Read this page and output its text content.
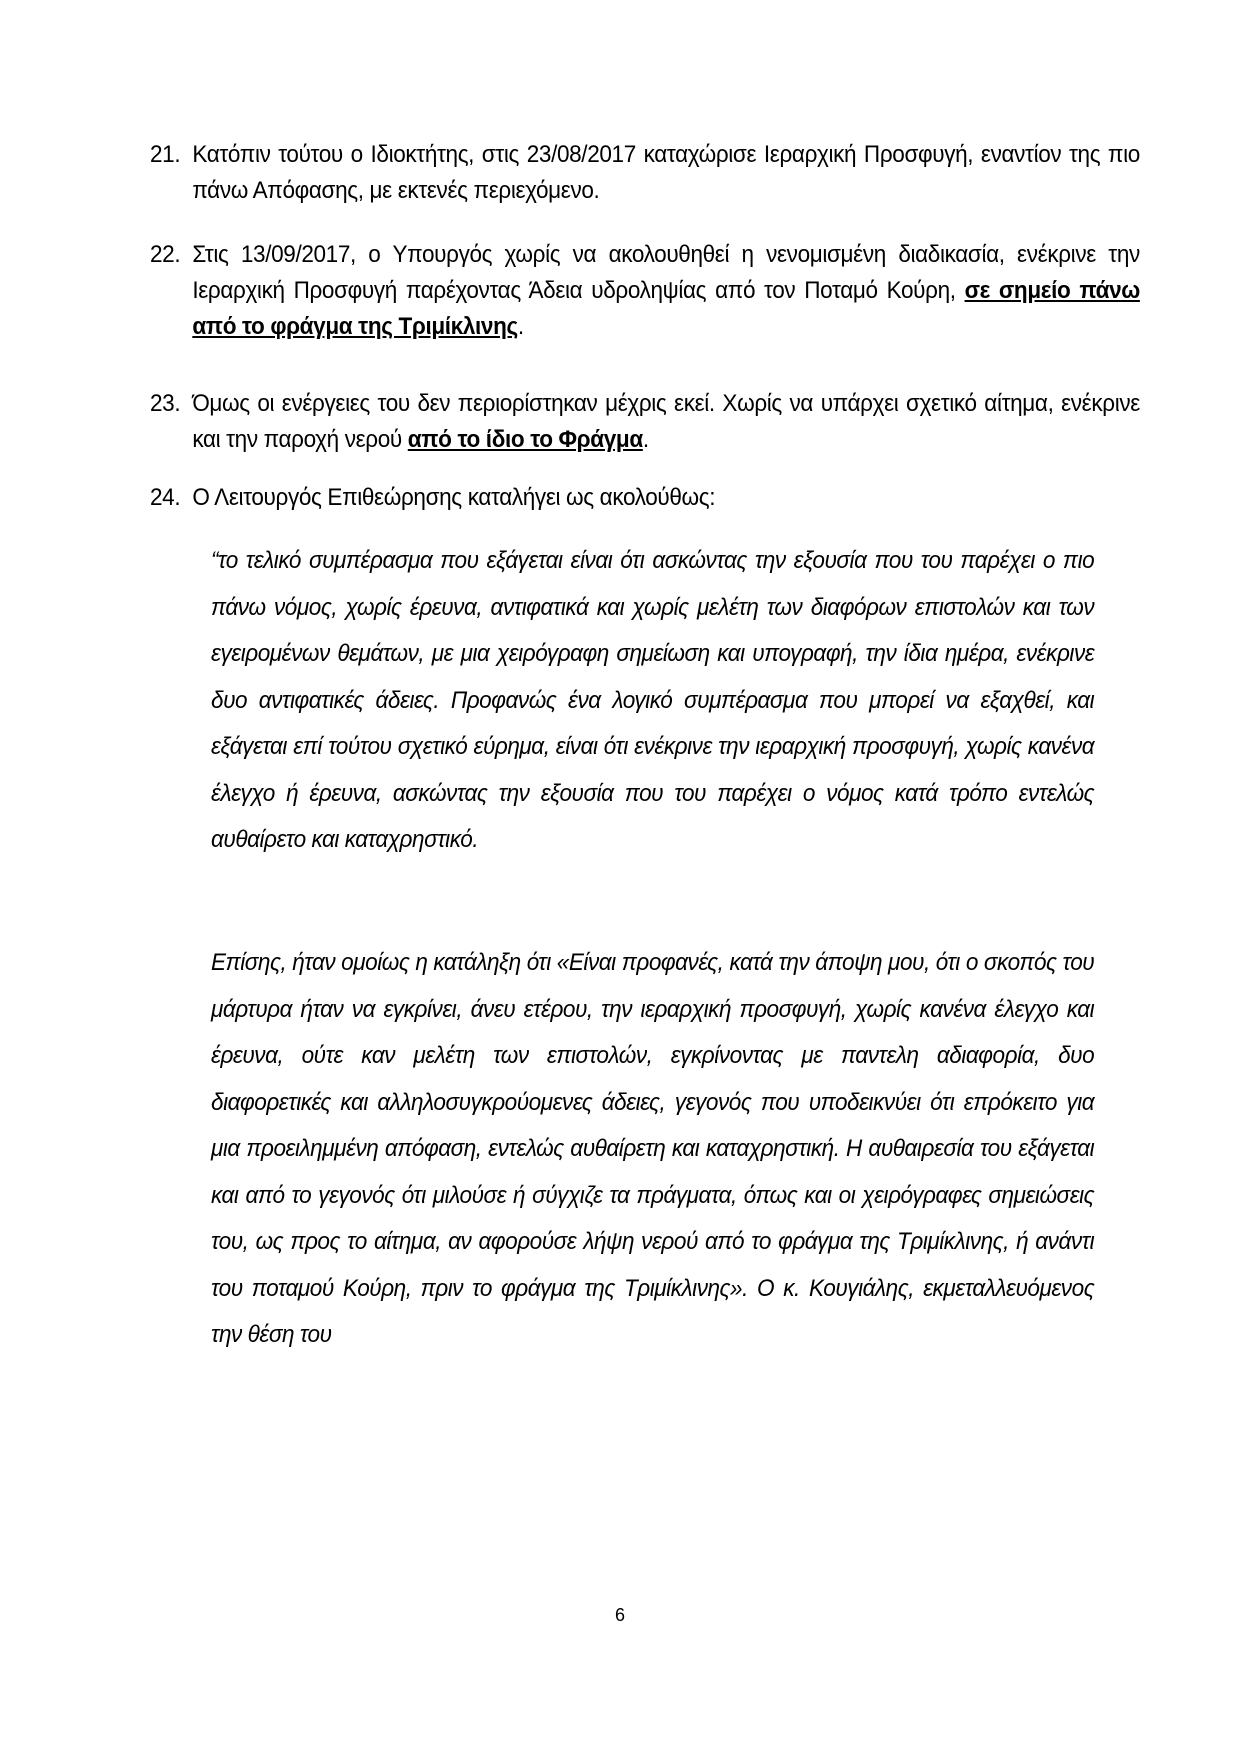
21. Κατόπιν τούτου ο Ιδιοκτήτης, στις 23/08/2017 καταχώρισε Ιεραρχική Προσφυγή, εναντίον της πιο πάνω Απόφασης, με εκτενές περιεχόμενο.
22. Στις 13/09/2017, ο Υπουργός χωρίς να ακολουθηθεί η νενομισμένη διαδικασία, ενέκρινε την Ιεραρχική Προσφυγή παρέχοντας Άδεια υδροληψίας από τον Ποταμό Κούρη, σε σημείο πάνω από το φράγμα της Τριμίκλινης.
23. Όμως οι ενέργειες του δεν περιορίστηκαν μέχρις εκεί. Χωρίς να υπάρχει σχετικό αίτημα, ενέκρινε και την παροχή νερού από το ίδιο το Φράγμα.
24. Ο Λειτουργός Επιθεώρησης καταλήγει ως ακολούθως:

“το τελικό συμπέρασμα που εξάγεται είναι ότι ασκώντας την εξουσία που του παρέχει ο πιο πάνω νόμος, χωρίς έρευνα, αντιφατικά και χωρίς μελέτη των διαφόρων επιστολών και των εγειρομένων θεμάτων, με μια χειρόγραφη σημείωση και υπογραφή, την ίδια ημέρα, ενέκρινε δυο αντιφατικές άδειες. Προφανώς ένα λογικό συμπέρασμα που μπορεί να εξαχθεί, και εξάγεται επί τούτου σχετικό εύρημα, είναι ότι ενέκρινε την ιεραρχική προσφυγή, χωρίς κανένα έλεγχο ή έρευνα, ασκώντας την εξουσία που του παρέχει ο νόμος κατά τρόπο εντελώς αυθαίρετο και καταχρηστικό.

Επίσης, ήταν ομοίως η κατάληξη ότι «Είναι προφανές, κατά την άποψη μου, ότι ο σκοπός του μάρτυρα ήταν να εγκρίνει, άνευ ετέρου, την ιεραρχική προσφυγή, χωρίς κανένα έλεγχο και έρευνα, ούτε καν μελέτη των επιστολών, εγκρίνοντας με παντελη αδιαφορία, δυο διαφορετικές και αλληλοσυγκρούομενες άδειες, γεγονός που υποδεικνύει ότι επρόκειτο για μια προειλημμένη απόφαση, εντελώς αυθαίρετη και καταχρηστική. Η αυθαιρεσία του εξάγεται και από το γεγονός ότι μιλούσε ή σύγχιζε τα πράγματα, όπως και οι χειρόγραφες σημειώσεις του, ως προς το αίτημα, αν αφορούσε λήψη νερού από το φράγμα της Τριμίκλινης, ή ανάντι του ποταμού Κούρη, πριν το φράγμα της Τριμίκλινης». Ο κ. Κουγιάλης, εκμεταλλευόμενος την θέση του

6
